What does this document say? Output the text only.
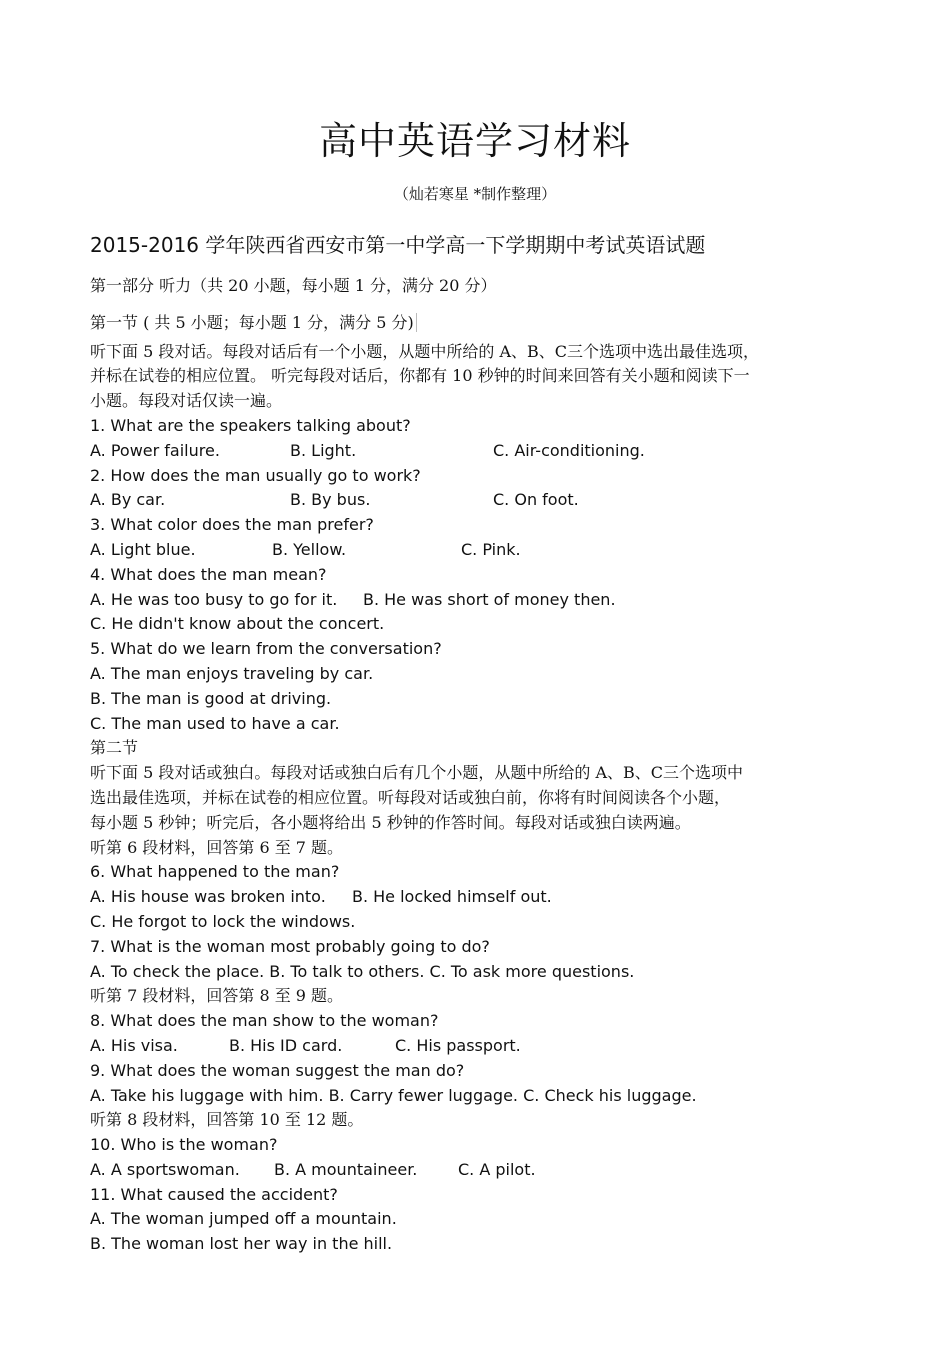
高中英语学习材料
（灿若寒星 *制作整理）
2015-2016 学年陕西省西安市第一中学高一下学期期中考试英语试题
第一部分 听力（共 20 小题，每小题 1 分，满分 20 分）
第一节 ( 共 5 小题；每小题 1 分，满分 5 分)
听下面 5 段对话。每段对话后有一个小题，从题中所给的 A、B、C三个选项中选出最佳选项，
并标在试卷的相应位置。 听完每段对话后，你都有 10 秒钟的时间来回答有关小题和阅读下一
小题。每段对话仅读一遍。
1. What are the speakers talking about?
A. Power failure.	B. Light.	C. Air-conditioning.
2. How does the man usually go to work?
A. By car.	B. By bus.	C. On foot.
3. What color does the man prefer?
A. Light blue.	B. Yellow.	C. Pink.
4. What does the man mean?
A. He was too busy to go for it. B. He was short of money then.
C. He didn't know about the concert.
5. What do we learn from the conversation?
A. The man enjoys traveling by car.
B. The man is good at driving.
C. The man used to have a car.
第二节
听下面 5 段对话或独白。每段对话或独白后有几个小题，从题中所给的 A、B、C三个选项中
选出最佳选项，并标在试卷的相应位置。听每段对话或独白前，你将有时间阅读各个小题，
每小题 5 秒钟；听完后，各小题将给出 5 秒钟的作答时间。每段对话或独白读两遍。
听第 6 段材料，回答第 6 至 7 题。
6. What happened to the man?
A. His house was broken into. B. He locked himself out.
C. He forgot to lock the windows.
7. What is the woman most probably going to do?
A. To check the place. B. To talk to others. C. To ask more questions.
听第 7 段材料，回答第 8 至 9 题。
8. What does the man show to the woman?
A. His visa.	B. His ID card.	C. His passport.
9. What does the woman suggest the man do?
A. Take his luggage with him. B. Carry fewer luggage. C. Check his luggage.
听第 8 段材料，回答第 10 至 12 题。
10. Who is the woman?
A. A sportswoman. B. A mountaineer.	C. A pilot.
11. What caused the accident?
A. The woman jumped off a mountain.
B. The woman lost her way in the hill.
